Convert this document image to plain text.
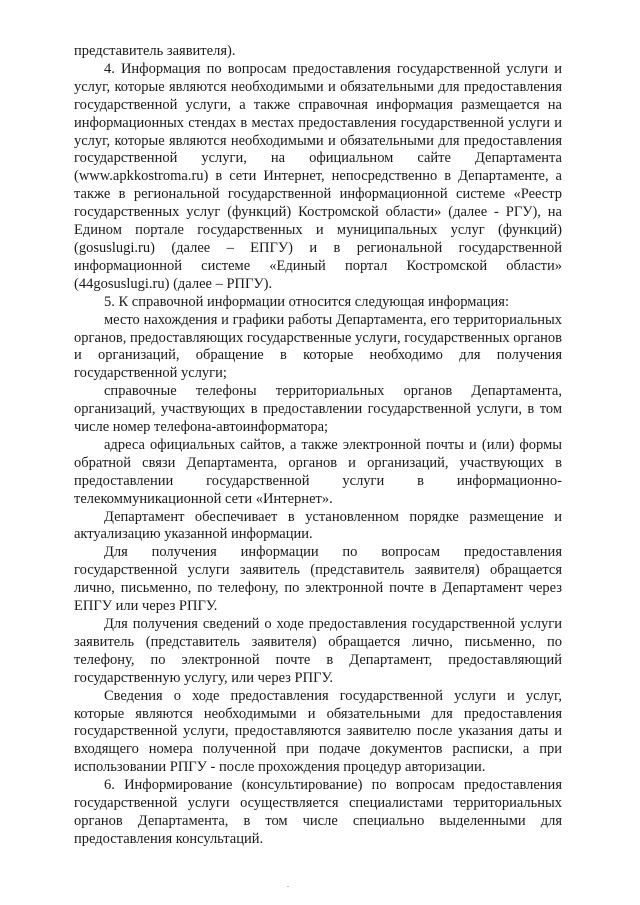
представитель заявителя).

4. Информация по вопросам предоставления государственной услуги и услуг, которые являются необходимыми и обязательными для предоставления государственной услуги, а также справочная информация размещается на информационных стендах в местах предоставления государственной услуги и услуг, которые являются необходимыми и обязательными для предоставления государственной услуги, на официальном сайте Департамента (www.apkkostroma.ru) в сети Интернет, непосредственно в Департаменте, а также в региональной государственной информационной системе «Реестр государственных услуг (функций) Костромской области» (далее - РГУ), на Едином портале государственных и муниципальных услуг (функций) (gosuslugi.ru) (далее – ЕПГУ) и в региональной государственной информационной системе «Единый портал Костромской области» (44gosuslugi.ru) (далее – РПГУ).

5. К справочной информации относится следующая информация:

место нахождения и графики работы Департамента, его территориальных органов, предоставляющих государственные услуги, государственных органов и организаций, обращение в которые необходимо для получения государственной услуги;

справочные телефоны территориальных органов Департамента, организаций, участвующих в предоставлении государственной услуги, в том числе номер телефона-автоинформатора;

адреса официальных сайтов, а также электронной почты и (или) формы обратной связи Департамента, органов и организаций, участвующих в предоставлении государственной услуги в информационно-телекоммуникационной сети «Интернет».

Департамент обеспечивает в установленном порядке размещение и актуализацию указанной информации.

Для получения информации по вопросам предоставления государственной услуги заявитель (представитель заявителя) обращается лично, письменно, по телефону, по электронной почте в Департамент через ЕПГУ или через РПГУ.

Для получения сведений о ходе предоставления государственной услуги заявитель (представитель заявителя) обращается лично, письменно, по телефону, по электронной почте в Департамент, предоставляющий государственную услугу, или через РПГУ.

Сведения о ходе предоставления государственной услуги и услуг, которые являются необходимыми и обязательными для предоставления государственной услуги, предоставляются заявителю после указания даты и входящего номера полученной при подаче документов расписки, а при использовании РПГУ - после прохождения процедур авторизации.

6. Информирование (консультирование) по вопросам предоставления государственной услуги осуществляется специалистами территориальных органов Департамента, в том числе специально выделенными для предоставления консультаций.
